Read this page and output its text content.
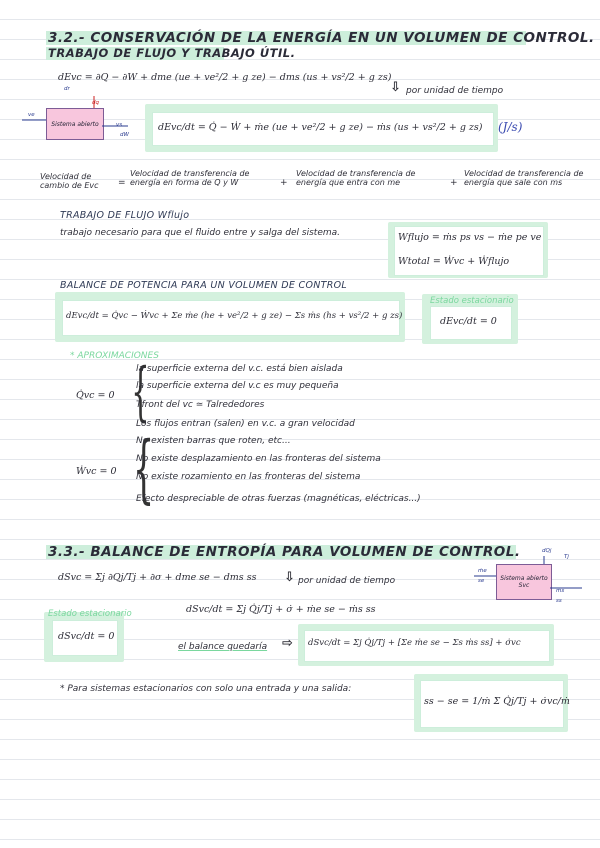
3.2.- CONSERVACIÓN DE LA ENERGÍA EN UN VOLUMEN DE CONTROL.
TRABAJO DE FLUJO Y TRABAJO ÚTIL.
dEvc = ∂Q − ∂W + dme (ue + ve²/2 + g ze) − dms (us + vs²/2 + g zs)
⇩ por unidad de tiempo
dr
dq
ve
Sistema abierto	vs
dW
dEvc/dt = Q̇ − Ẇ + ṁe (ue + ve²/2 + g ze) − ṁs (us + vs²/2 + g zs) (J/s)
Velocidad de cambio de Evc	=
Velocidad de transferencia de energía en forma de Q y W	+
Velocidad de transferencia de energía que entra con me	+
Velocidad de transferencia de energía que sale con ms
TRABAJO DE FLUJO Wflujo
trabajo necesario para que el fluido entre y salga del sistema.	Wflujo = ṁs ps vs − ṁe pe ve
Wtotal = Ẇvc + Ẇflujo
BALANCE DE POTENCIA PARA UN VOLUMEN DE CONTROL
dEvc/dt = Q̇vc − Ẇvc + Σe ṁe (he + ve²/2 + g ze) − Σs ṁs (hs + vs²/2 + g zs)
Estado estacionario
dEvc/dt = 0
* APROXIMACIONES
Q̇vc = 0 {
la superficie externa del v.c. está bien aislada
la superficie externa del v.c es muy pequeña
Tfront del vc ≃ Talrededores
Los flujos entran (salen) en v.c. a gran velocidad
Ẇvc = 0 {
No existen barras que roten, etc...
No existe desplazamiento en las fronteras del sistema
No existe rozamiento en las fronteras del sistema
Efecto despreciable de otras fuerzas (magnéticas, eléctricas...)
3.3.- BALANCE DE ENTROPÍA PARA VOLUMEN DE CONTROL.
dSvc = Σj ∂Qj/Tj + ∂σ + dme se − dms ss ⇩ por unidad de tiempo
dQj
Tj
ṁe
se	Sistema abierto
Svc
ṁs
ss
dSvc/dt = Σj Q̇j/Tj + σ̇ + ṁe se − ṁs ss
Estado estacionario
dSvc/dt = 0
el balance quedaría ⇨ dSvc/dt = Σj Q̇j/Tj + [Σe ṁe se − Σs ṁs ss] + σ̇vc
* Para sistemas estacionarios con solo una entrada y una salida:
ss − se = 1/ṁ Σ Q̇j/Tj + σ̇vc/ṁ
